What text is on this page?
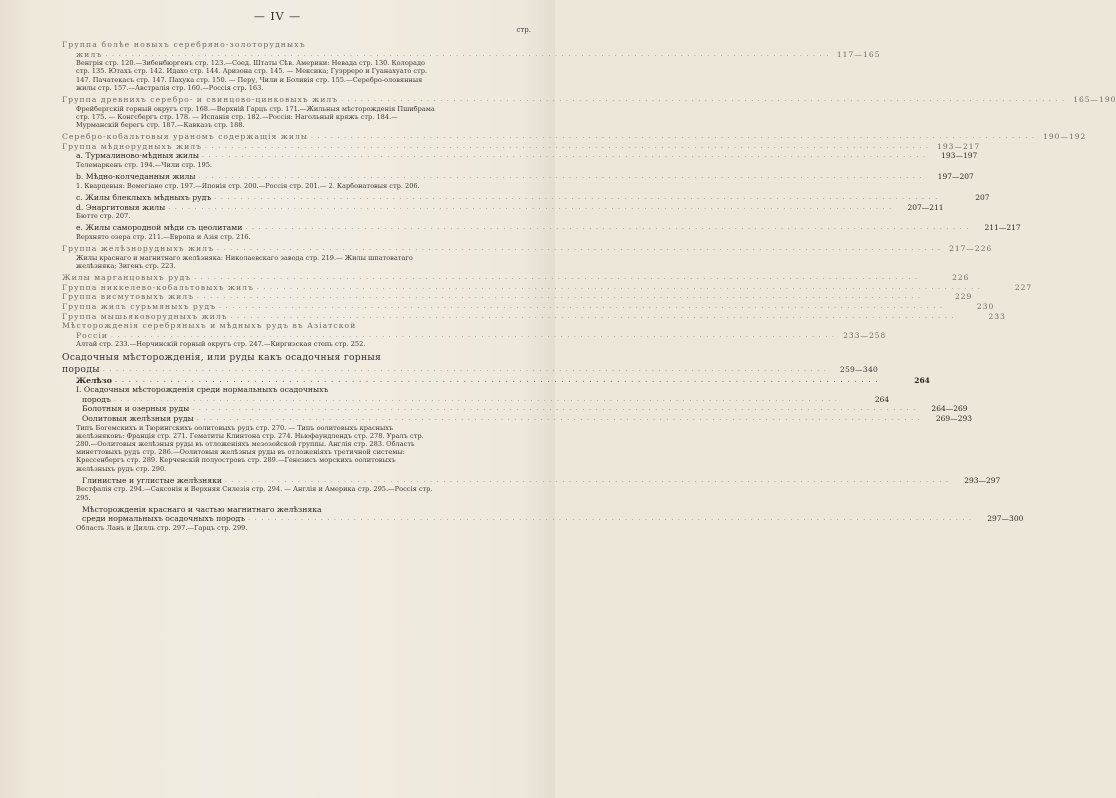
— IV —
стр.
Группа болѣе новыхъ серебряно-золоторудныхъ
жилъ . . .	117—165
Венгрія стр. 120.—Зибенбюргенъ стр. 123.—Соед. Штаты Сѣв. Америки: Невада стр. 130. Колорадо стр. 135. Ютахъ стр. 142. Идахо стр. 144. Аризона стр. 145. — Мексика; Гуэрреро и Гуанахуато стр. 147. Пачатекасъ стр. 147. Пахука стр. 150. — Перу, Чили и Боливія стр. 155.—Серебро-оловянныя жилы стр. 157.—Австралія стр. 160.—Россія стр. 163.
Группа древнихъ серебро- и свинцово-цинковыхъ жилъ . . .	165—190
Фрейбергскій горный округъ стр. 168.—Верхній Гарцъ стр. 171.—Жильныя мѣсторожденія Пшибрама стр. 175. — Конгсбергъ стр. 178. — Испанія стр. 182.—Россія: Нагольный кряжъ стр. 184.— Мурманскій берегъ стр. 187.—Кавказъ стр. 188.
Серебро-кобальтовыя ураномъ содержащія жилы . . .	190—192
Группа мѣднорудныхъ жилъ . . .	193—217
a. Турмалиново-мѣдныя жилы . . .	193—197
Телемаркенъ стр. 194.—Чили стр. 195.
b. Мѣдно-колчеданныя жилы . . .	197—207
1. Кварцевыя: Вомегіано стр. 197.—Японія стр. 200.—Россія стр. 201.— 2. Карбонатовыя стр. 206.
c. Жилы блеклыхъ мѣдныхъ рудъ . . .	207
d. Энаргитовыя жилы . . .	207—211
Бютте стр. 207.
e. Жилы самородной мѣди съ цеолитами . . .	211—217
Верхнято озера стр. 211.—Европа и Азія стр. 216.
Группа желѣзнорудныхъ жилъ . . .	217—226
Жилы краснаго и магнитнаго желѣзняка: Николаевскаго завода стр. 219.— Жилы шпатоватаго желѣзняка; Зигенъ стр. 223.
Жилы марганцовыхъ рудъ . . .	226
Группа никкелево-кобальтовыхъ жилъ . . .	227
Группа висмутовыхъ жилъ . . .	229
Группа жилъ сурьмяныхъ рудъ . . .	230
Группа мышьяковорудныхъ жилъ . . .	233
Мѣсторожденія серебряныхъ и мѣдныхъ рудъ въ Азіатской
Россіи . . .	233—258
Алтай стр. 233.—Нерчинскій горный округъ стр. 247.—Киргизская степь стр. 252.
Осадочныя мѣсторожденія, или руды какъ осадочныя горныя
породы . . .	259—340
Желѣзо . . .	264
I. Осадочныя мѣсторожденія среди нормальныхъ осадочныхъ
породъ . . .	264
Болотныя и озерныя руды . . .	264—269
Оолитовыя желѣзныя руды . . .	269—293
Типъ Богемскихъ и Тюрингскихъ оолитовыхъ рудъ стр. 270. — Типъ оолитовыхъ красныхъ желѣзняковъ: Франція стр. 271. Гематиты Клинтона стр. 274. Ньюфаундлендъ стр. 278. Уралъ стр. 280.—Оолитовыя желѣзныя руды въ отложеніяхъ мезозойской группы. Англія стр. 283. Область минеттовыхъ рудъ стр. 286.—Оолитовыя желѣзныя руды въ отложеніяхъ третичной системы: Крессенбергъ стр. 289. Керченскій полуостровъ стр. 289.—Генезисъ морскихъ оолитовыхъ желѣзныхъ рудъ стр. 290.
Глинистые и углистые желѣзняки . . .	293—297
Вестфалія стр. 294.—Саксонія и Верхняя Силезія стр. 294. — Англія и Америка стр. 295.—Россія стр. 295.
Мѣсторожденія краснаго и частью магнитнаго желѣзняка
среди нормальныхъ осадочныхъ породъ . . .	297—300
Область Ланъ и Дилль стр. 297.—Гарцъ стр. 299.
